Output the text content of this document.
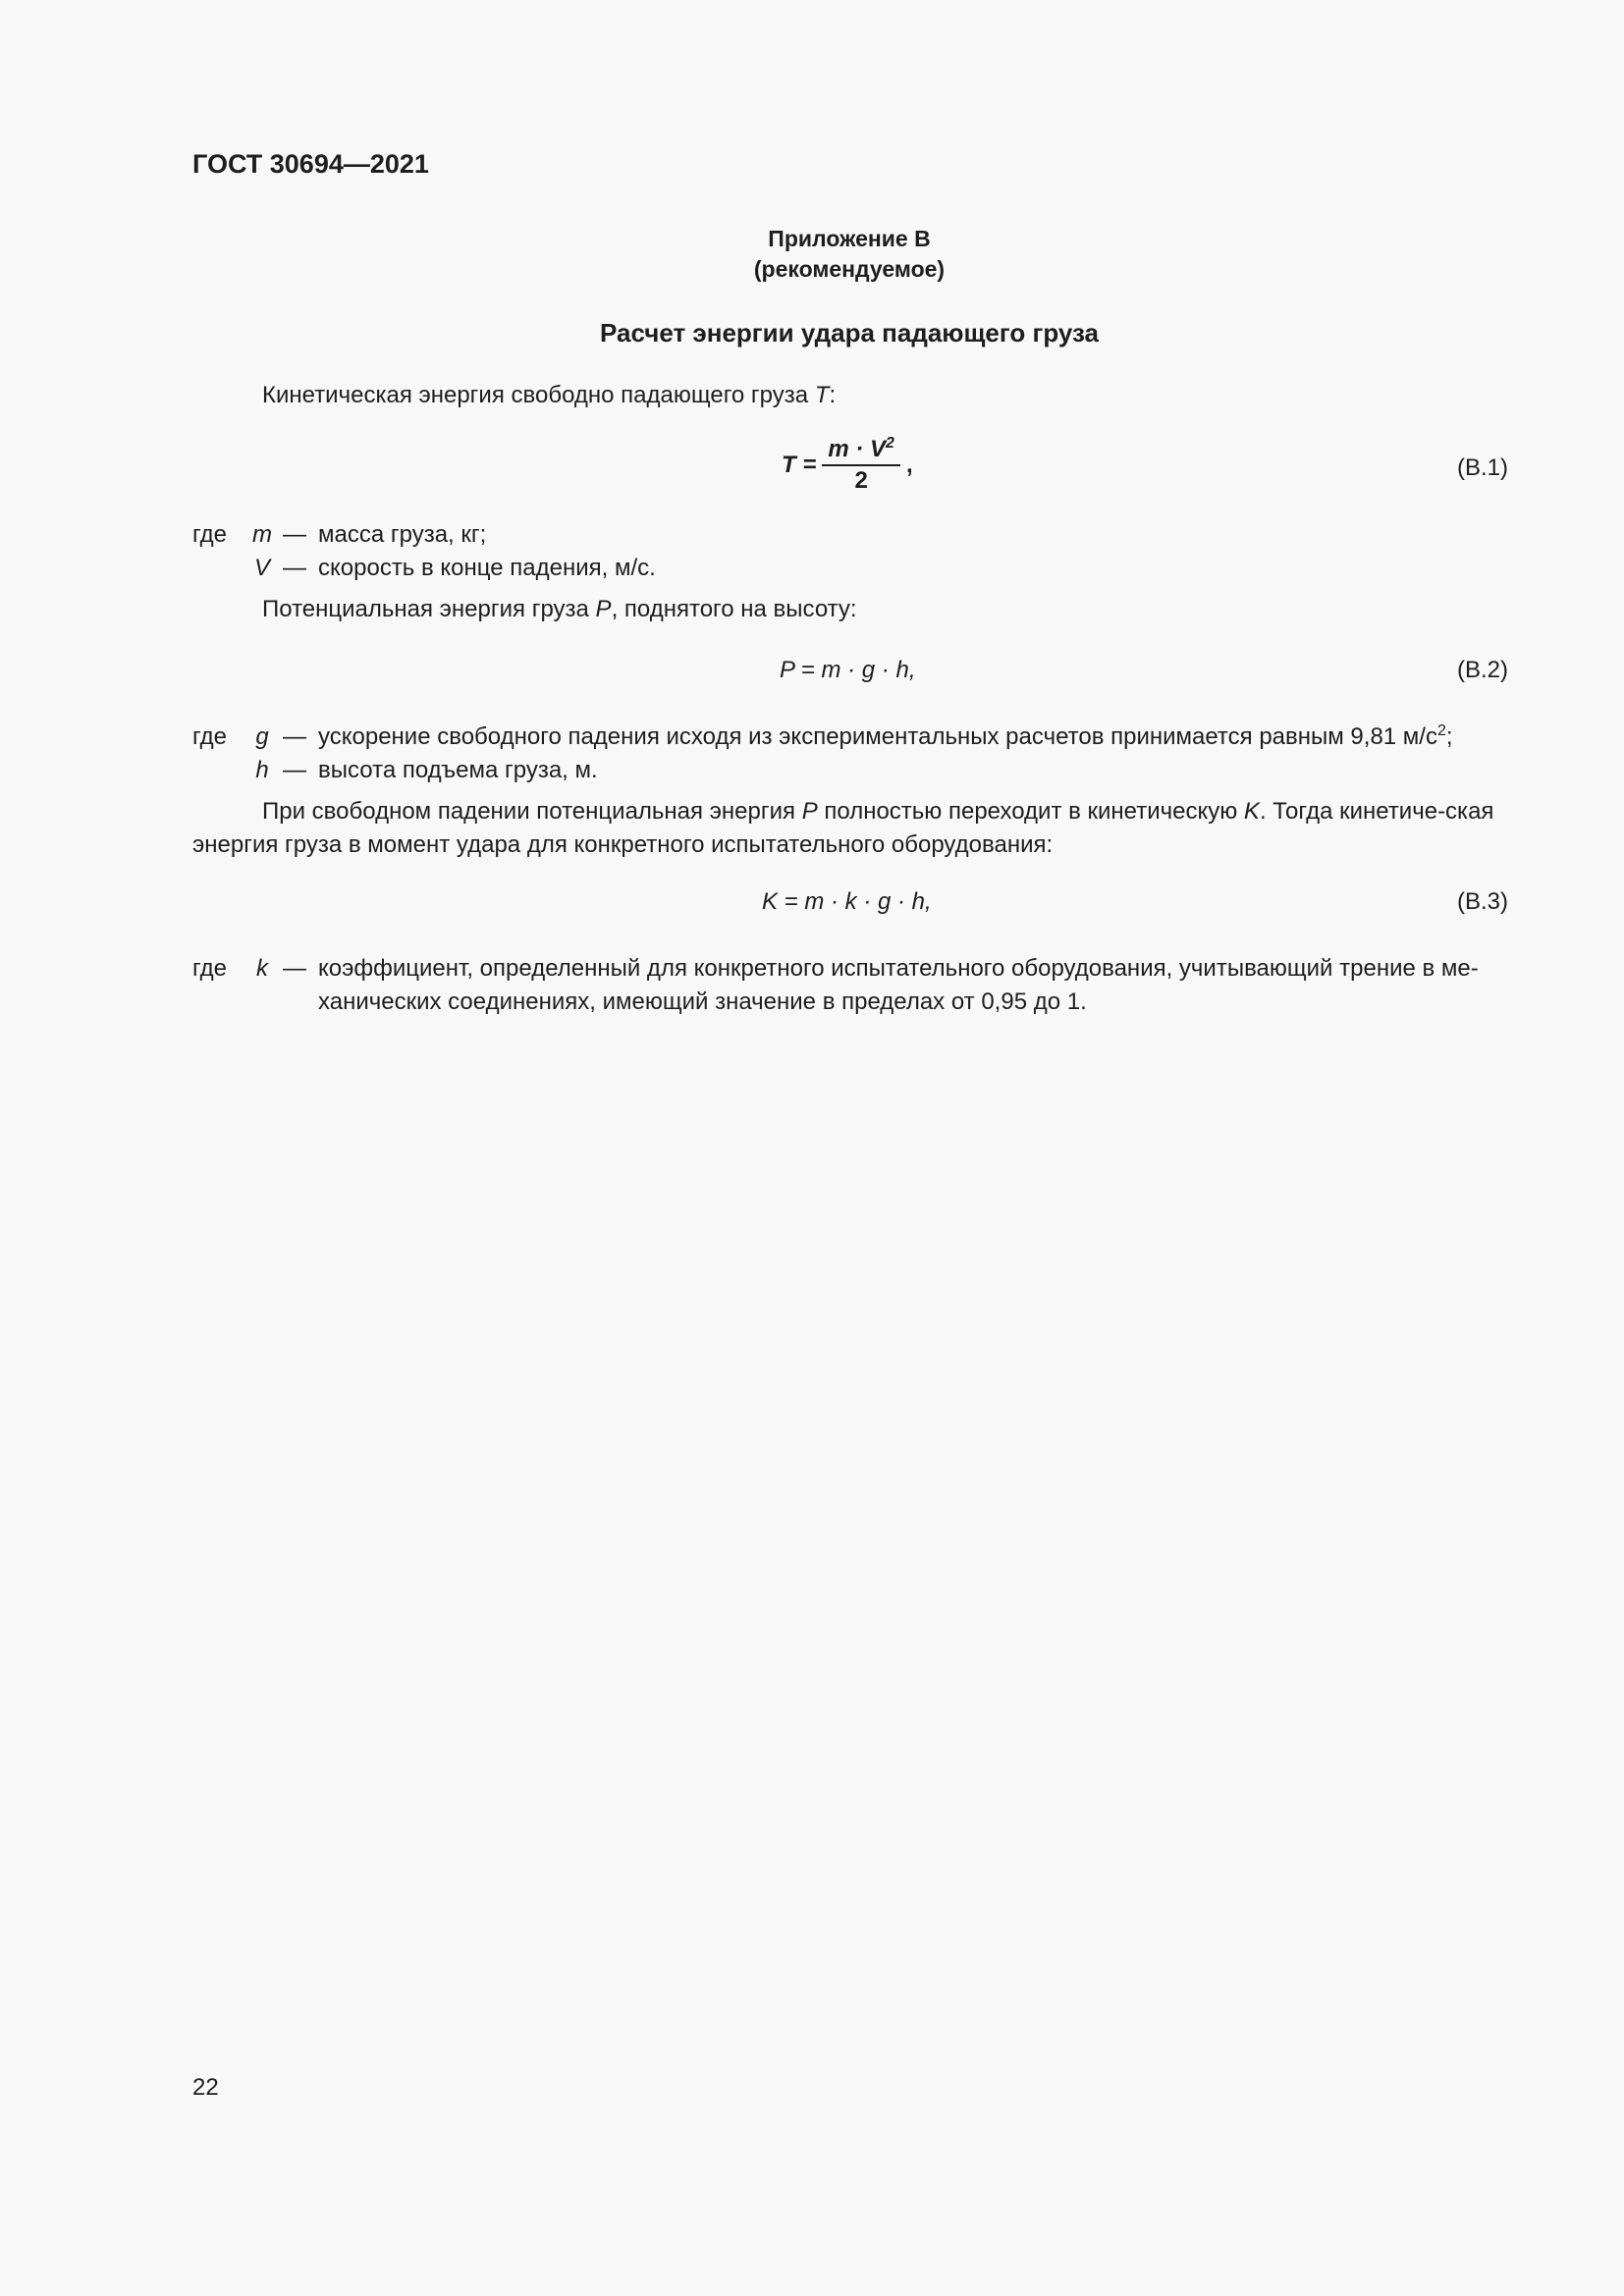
ГОСТ 30694—2021
Приложение В
(рекомендуемое)
Расчет энергии удара падающего груза
Кинетическая энергия свободно падающего груза T:
$T = \frac{m \cdot V^2}{2}$ ,	(В.1)
где	m — масса груза, кг;
V — скорость в конце падения, м/с.
Потенциальная энергия груза P, поднятого на высоту:
P = m · g · h,	(В.2)
где	g — ускорение свободного падения исходя из экспериментальных расчетов принимается равным 9,81 $м/с^2$;
h — высота подъема груза, м.
При свободном падении потенциальная энергия P полностью переходит в кинетическую K. Тогда кинетиче-ская энергия груза в момент удара для конкретного испытательного оборудования:
K = m · k · g · h,	(В.3)
где	k — коэффициент, определенный для конкретного испытательного оборудования, учитывающий трение в ме-ханических соединениях, имеющий значение в пределах от 0,95 до 1.
22
